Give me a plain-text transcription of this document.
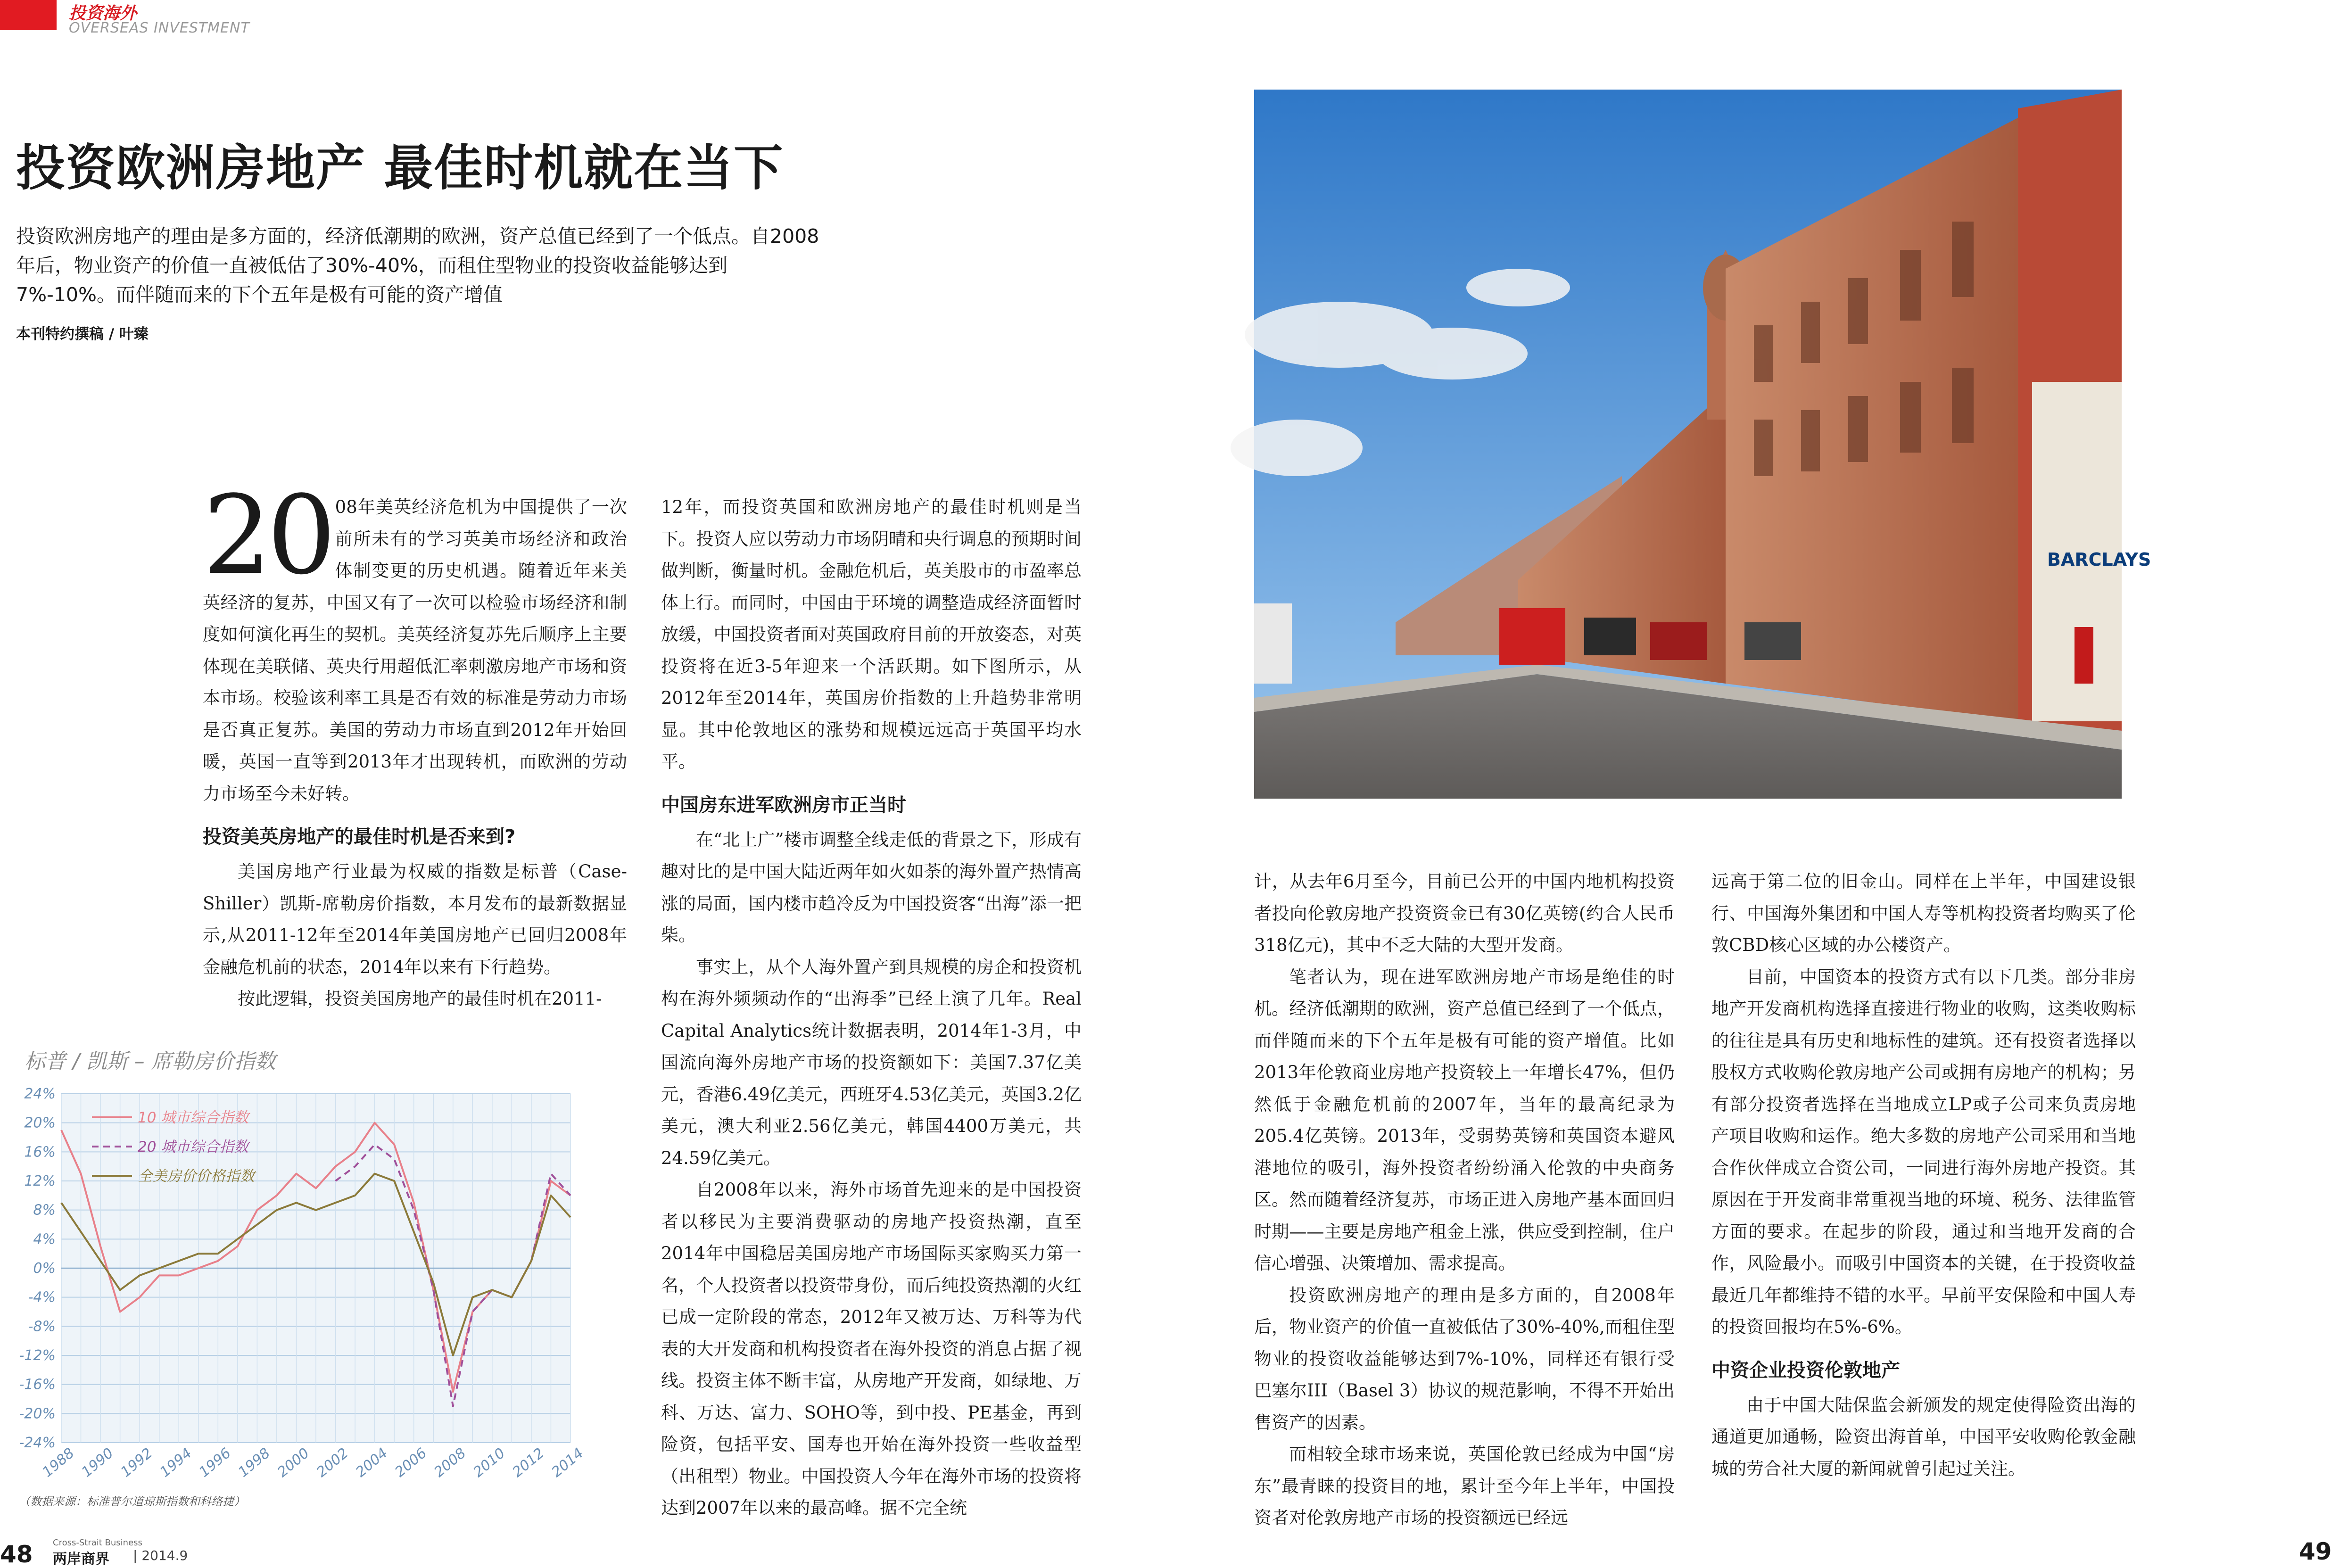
投资海外
OVERSEAS INVESTMENT
投资欧洲房地产 最佳时机就在当下
投资欧洲房地产的理由是多方面的，经济低潮期的欧洲，资产总值已经到了一个低点。自2008年后，物业资产的价值一直被低估了30%-40%，而租住型物业的投资收益能够达到7%-10%。而伴随而来的下个五年是极有可能的资产增值
本刊特约撰稿 / 叶臻

20 08年美英经济危机为中国提供了一次前所未有的学习英美市场经济和政治体制变更的历史机遇。随着近年来美英经济的复苏，中国又有了一次可以检验市场经济和制度如何演化再生的契机。美英经济复苏先后顺序上主要体现在美联储、英央行用超低汇率刺激房地产市场和资本市场。校验该利率工具是否有效的标准是劳动力市场是否真正复苏。美国的劳动力市场直到2012年开始回暖，英国一直等到2013年才出现转机，而欧洲的劳动力市场至今未好转。

投资美英房地产的最佳时机是否来到?

美国房地产行业最为权威的指数是标普（Case-Shiller）凯斯-席勒房价指数，本月发布的最新数据显示,从2011-12年至2014年美国房地产已回归2008年金融危机前的状态，2014年以来有下行趋势。

按此逻辑，投资美国房地产的最佳时机在2011-

12年，而投资英国和欧洲房地产的最佳时机则是当下。投资人应以劳动力市场阴晴和央行调息的预期时间做判断，衡量时机。金融危机后，英美股市的市盈率总体上行。而同时，中国由于环境的调整造成经济面暂时放缓，中国投资者面对英国政府目前的开放姿态，对英投资将在近3-5年迎来一个活跃期。如下图所示，从2012年至2014年，英国房价指数的上升趋势非常明显。其中伦敦地区的涨势和规模远远高于英国平均水平。

中国房东进军欧洲房市正当时

在“北上广”楼市调整全线走低的背景之下，形成有趣对比的是中国大陆近两年如火如荼的海外置产热情高涨的局面，国内楼市趋冷反为中国投资客“出海”添一把柴。

事实上，从个人海外置产到具规模的房企和投资机构在海外频频动作的“出海季”已经上演了几年。Real Capital Analytics统计数据表明，2014年1-3月，中国流向海外房地产市场的投资额如下：美国7.37亿美元，香港6.49亿美元，西班牙4.53亿美元，英国3.2亿美元，澳大利亚2.56亿美元，韩国4400万美元，共24.59亿美元。

自2008年以来，海外市场首先迎来的是中国投资者以移民为主要消费驱动的房地产投资热潮，直至2014年中国稳居美国房地产市场国际买家购买力第一名，个人投资者以投资带身份，而后纯投资热潮的火红已成一定阶段的常态，2012年又被万达、万科等为代表的大开发商和机构投资者在海外投资的消息占据了视线。投资主体不断丰富，从房地产开发商，如绿地、万科、万达、富力、SOHO等，到中投、PE基金，再到险资，包括平安、国寿也开始在海外投资一些收益型（出租型）物业。中国投资人今年在海外市场的投资将达到2007年以来的最高峰。据不完全统

BARCLAYS

计，从去年6月至今，目前已公开的中国内地机构投资者投向伦敦房地产投资资金已有30亿英镑(约合人民币318亿元)，其中不乏大陆的大型开发商。

笔者认为，现在进军欧洲房地产市场是绝佳的时机。经济低潮期的欧洲，资产总值已经到了一个低点，而伴随而来的下个五年是极有可能的资产增值。比如2013年伦敦商业房地产投资较上一年增长47%，但仍然低于金融危机前的2007年，当年的最高纪录为205.4亿英镑。2013年，受弱势英镑和英国资本避风港地位的吸引，海外投资者纷纷涌入伦敦的中央商务区。然而随着经济复苏，市场正进入房地产基本面回归时期——主要是房地产租金上涨，供应受到控制，住户信心增强、决策增加、需求提高。

投资欧洲房地产的理由是多方面的，自2008年后，物业资产的价值一直被低估了30%-40%,而租住型物业的投资收益能够达到7%-10%，同样还有银行受巴塞尔III（Basel 3）协议的规范影响，不得不开始出售资产的因素。

而相较全球市场来说，英国伦敦已经成为中国“房东”最青睐的投资目的地，累计至今年上半年，中国投资者对伦敦房地产市场的投资额远已经远

远高于第二位的旧金山。同样在上半年，中国建设银行、中国海外集团和中国人寿等机构投资者均购买了伦敦CBD核心区域的办公楼资产。

目前，中国资本的投资方式有以下几类。部分非房地产开发商机构选择直接进行物业的收购，这类收购标的往往是具有历史和地标性的建筑。还有投资者选择以股权方式收购伦敦房地产公司或拥有房地产的机构；另有部分投资者选择在当地成立LP或子公司来负责房地产项目收购和运作。绝大多数的房地产公司采用和当地合作伙伴成立合资公司，一同进行海外房地产投资。其原因在于开发商非常重视当地的环境、税务、法律监管方面的要求。在起步的阶段，通过和当地开发商的合作，风险最小。而吸引中国资本的关键，在于投资收益最近几年都维持不错的水平。早前平安保险和中国人寿的投资回报均在5%-6%。

中资企业投资伦敦地产

由于中国大陆保监会新颁发的规定使得险资出海的通道更加通畅，险资出海首单，中国平安收购伦敦金融城的劳合社大厦的新闻就曾引起过关注。

标普 / 凯斯 – 席勒房价指数
24%
20%
16%
12%
8%
4%
0%
-4%
-8%
-12%
-16%
-20%
-24%
1988 1990 1992 1994 1996 1998 2000 2002 2004 2006 2008 2010 2012 2014
10 城市综合指数
20 城市综合指数
全美房价价格指数
（数据来源：标准普尔道琼斯指数和科络捷）
48 Cross-Strait Business
两岸商界 | 2014.9	49
